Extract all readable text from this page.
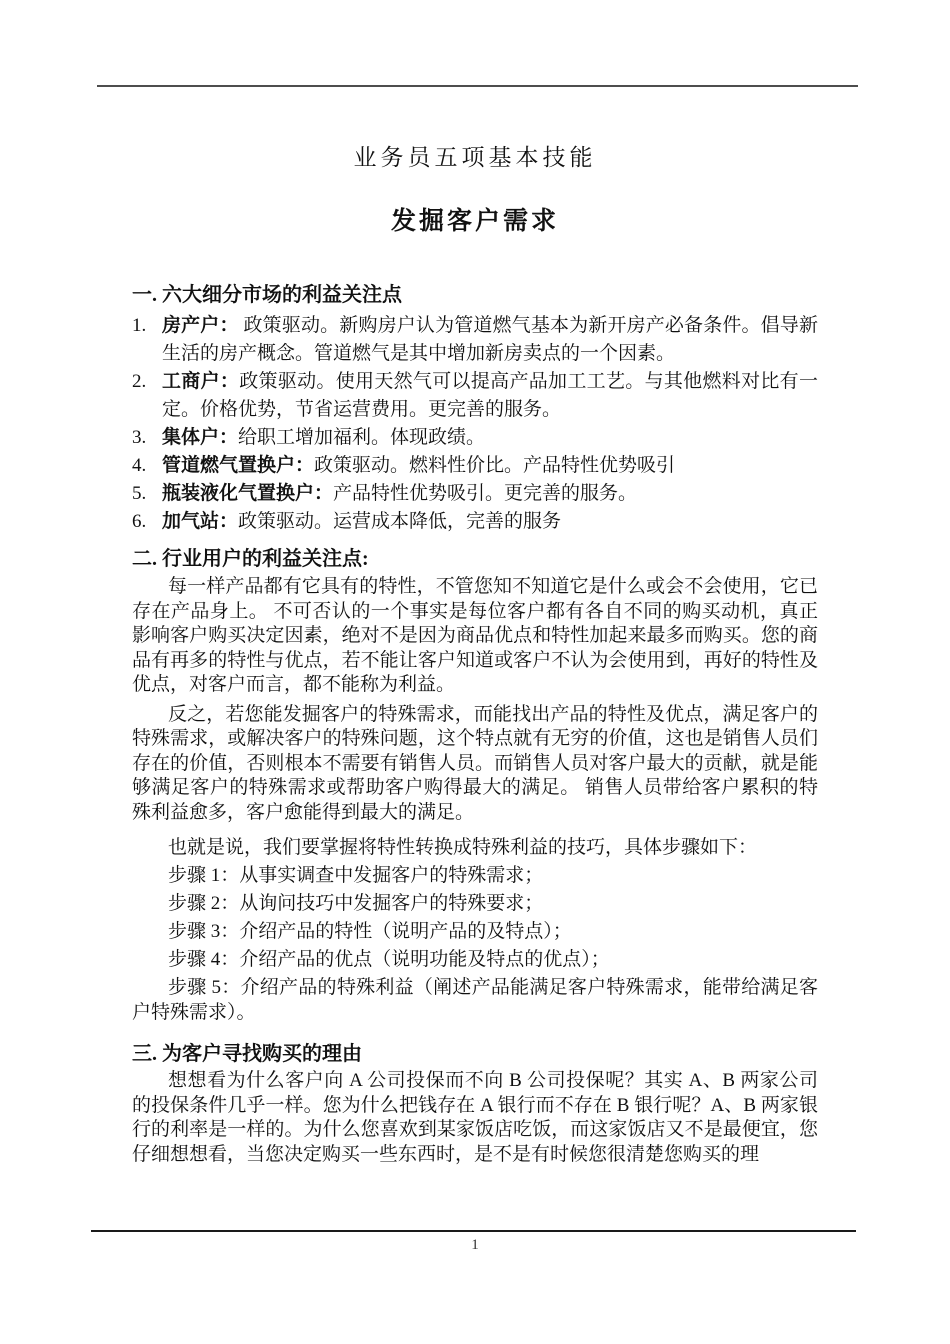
业务员五项基本技能
发掘客户需求
一. 六大细分市场的利益关注点
1. 房产户： 政策驱动。新购房户认为管道燃气基本为新开房产必备条件。倡导新生活的房产概念。管道燃气是其中增加新房卖点的一个因素。
2. 工商户：政策驱动。使用天然气可以提高产品加工工艺。与其他燃料对比有一定。价格优势，节省运营费用。更完善的服务。
3. 集体户：给职工增加福利。体现政绩。
4. 管道燃气置换户：政策驱动。燃料性价比。产品特性优势吸引
5. 瓶装液化气置换户：产品特性优势吸引。更完善的服务。
6. 加气站：政策驱动。运营成本降低，完善的服务
二. 行业用户的利益关注点:

每一样产品都有它具有的特性，不管您知不知道它是什么或会不会使用，它已存在产品身上。 不可否认的一个事实是每位客户都有各自不同的购买动机，真正影响客户购买决定因素，绝对不是因为商品优点和特性加起来最多而购买。您的商品有再多的特性与优点，若不能让客户知道或客户不认为会使用到，再好的特性及优点，对客户而言，都不能称为利益。

反之，若您能发掘客户的特殊需求，而能找出产品的特性及优点，满足客户的特殊需求，或解决客户的特殊问题，这个特点就有无穷的价值，这也是销售人员们存在的价值，否则根本不需要有销售人员。而销售人员对客户最大的贡献，就是能够满足客户的特殊需求或帮助客户购得最大的满足。 销售人员带给客户累积的特殊利益愈多，客户愈能得到最大的满足。

也就是说，我们要掌握将特性转换成特殊利益的技巧，具体步骤如下：

步骤 1：从事实调查中发掘客户的特殊需求；

步骤 2：从询问技巧中发掘客户的特殊要求；

步骤 3：介绍产品的特性（说明产品的及特点）；

步骤 4：介绍产品的优点（说明功能及特点的优点）；

步骤 5：介绍产品的特殊利益（阐述产品能满足客户特殊需求，能带给满足客户特殊需求）。

三. 为客户寻找购买的理由

想想看为什么客户向 A 公司投保而不向 B 公司投保呢？其实 A、B 两家公司的投保条件几乎一样。您为什么把钱存在 A 银行而不存在 B 银行呢？A、B 两家银行的利率是一样的。为什么您喜欢到某家饭店吃饭，而这家饭店又不是最便宜，您仔细想想看，当您决定购买一些东西时，是不是有时候您很清楚您购买的理

1
